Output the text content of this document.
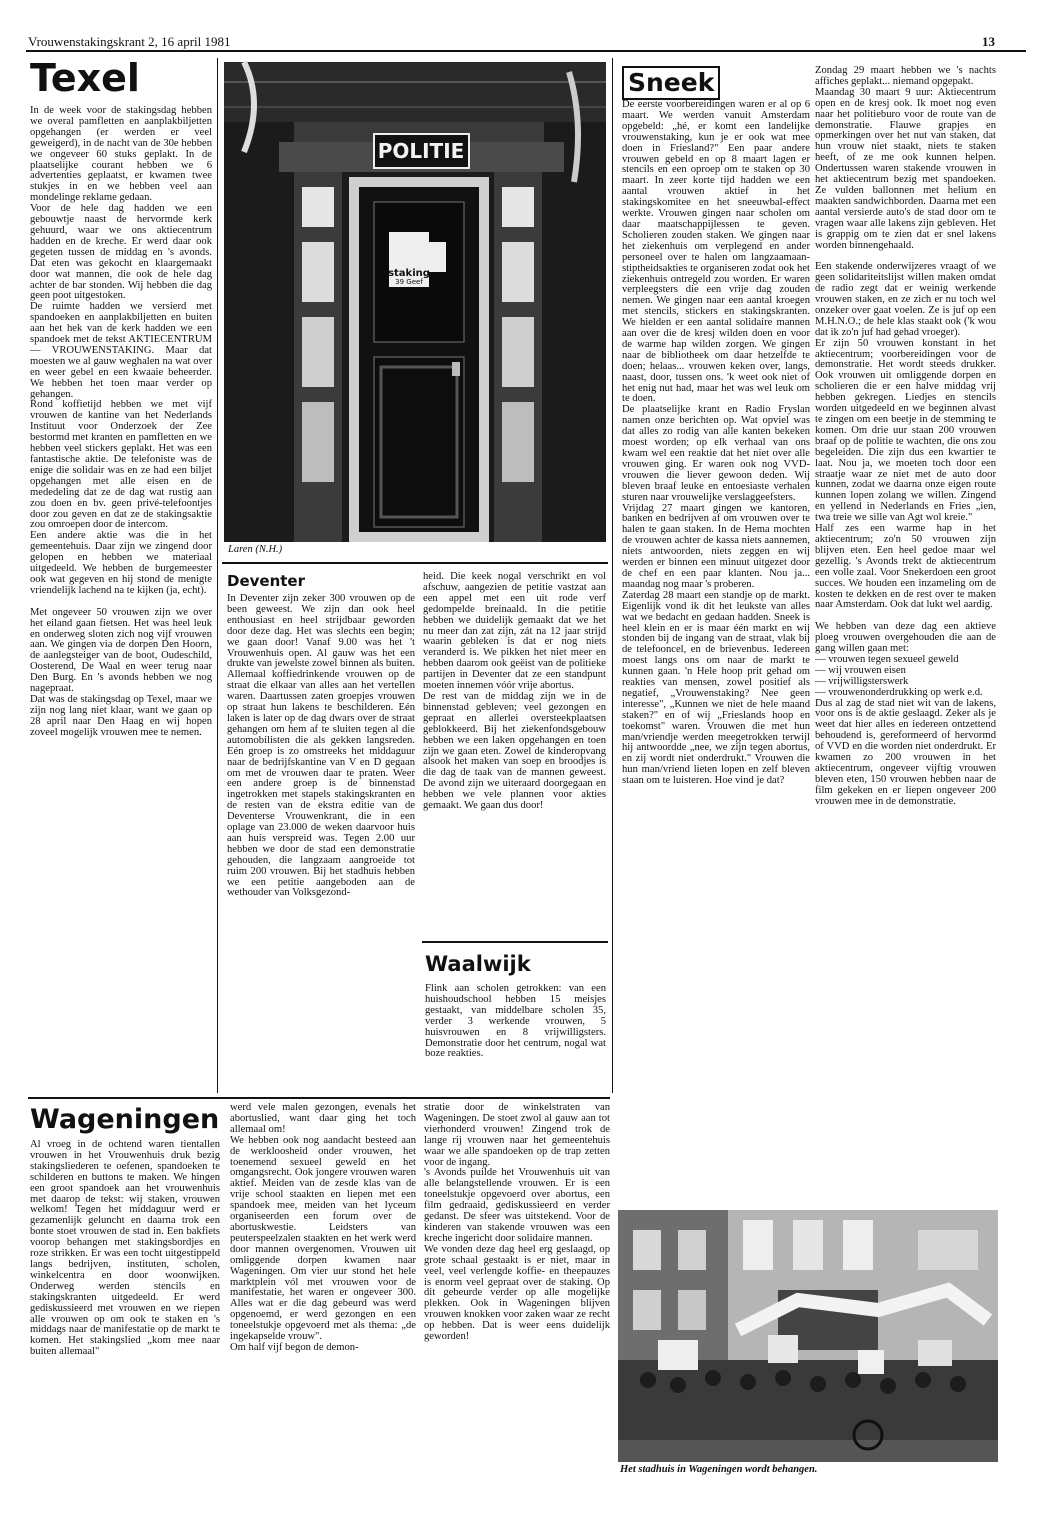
Vrouwenstakingskrant 2, 16 april 1981	13
Texel

In de week voor de stakingsdag hebben we overal pamfletten en aanplakbiljetten opgehangen (er werden er veel geweigerd), in de nacht van de 30e hebben we ongeveer 60 stuks geplakt. In de plaatselijke courant hebben we 6 advertenties geplaatst, er kwamen twee stukjes in en we hebben veel aan mondelinge reklame gedaan.
Voor de hele dag hadden we een gebouwtje naast de hervormde kerk gehuurd, waar we ons aktiecentrum hadden en de kreche. Er werd daar ook gegeten tussen de middag en 's avonds. Dat eten was gekocht en klaargemaakt door wat mannen, die ook de hele dag achter de bar stonden. Wij hebben die dag geen poot uitgestoken.
De ruimte hadden we versierd met spandoeken en aanplakbiljetten en buiten aan het hek van de kerk hadden we een spandoek met de tekst AKTIECENTRUM — VROUWENSTAKING. Maar dat moesten we al gauw weghalen na wat over en weer gebel en een kwaaie beheerder. We hebben het toen maar verder op gehangen.
Rond koffietijd hebben we met vijf vrouwen de kantine van het Nederlands Instituut voor Onderzoek der Zee bestormd met kranten en pamfletten en we hebben veel stickers geplakt. Het was een fantastische aktie. De telefoniste was de enige die solidair was en ze had een biljet opgehangen met alle eisen en de mededeling dat ze de dag wat rustig aan zou doen en bv. geen privé-telefoontjes door zou geven en dat ze de stakingsaktie zou omroepen door de intercom.
Een andere aktie was die in het gemeentehuis. Daar zijn we zingend door gelopen en hebben we materiaal uitgedeeld. We hebben de burgemeester ook wat gegeven en hij stond de menigte vriendelijk lachend na te kijken (ja, echt).

Met ongeveer 50 vrouwen zijn we over het eiland gaan fietsen. Het was heel leuk en onderweg sloten zich nog vijf vrouwen aan. We gingen via de dorpen Den Hoorn, de aanlegsteiger van de boot, Oudeschild, Oosterend, De Waal en weer terug naar Den Burg. En 's avonds hebben we nog nagepraat.
Dat was de stakingsdag op Texel, maar we zijn nog lang niet klaar, want we gaan op 28 april naar Den Haag en wij hopen zoveel mogelijk vrouwen mee te nemen.

POLITIE
39 Geef
staking
Laren (N.H.)
Deventer

In Deventer zijn zeker 300 vrouwen op de been geweest. We zijn dan ook heel enthousiast en heel strijdbaar geworden door deze dag. Het was slechts een begin; we gaan door! Vanaf 9.00 was het 't Vrouwenhuis open. Al gauw was het een drukte van jewelste zowel binnen als buiten. Allemaal koffiedrinkende vrouwen op de straat die elkaar van alles aan het vertellen waren. Daartussen zaten groepjes vrouwen op straat hun lakens te beschilderen. Eén laken is later op de dag dwars over de straat gehangen om hem af te sluiten tegen al die automobilisten die als gekken langsreden. Eén groep is zo omstreeks het middaguur naar de bedrijfskantine van V en D gegaan om met de vrouwen daar te praten. Weer een andere groep is de binnenstad ingetrokken met stapels stakingskranten en de resten van de ekstra editie van de Deventerse Vrouwenkrant, die in een oplage van 23.000 de weken daarvoor huis aan huis verspreid was. Tegen 2.00 uur hebben we door de stad een demonstratie gehouden, die langzaam aangroeide tot ruim 200 vrouwen. Bij het stadhuis hebben we een petitie aangeboden aan de wethouder van Volksgezond-

heid. Die keek nogal verschrikt en vol afschuw, aangezien de petitie vastzat aan een appel met een uit rode verf gedompelde breinaald. In die petitie hebben we duidelijk gemaakt dat we het nu meer dan zat zijn, zát na 12 jaar strijd waarin gebleken is dat er nog niets veranderd is. We pikken het niet meer en hebben daarom ook geëist van de politieke partijen in Deventer dat ze een standpunt moeten innemen vóór vrije abortus.
De rest van de middag zijn we in de binnenstad gebleven; veel gezongen en gepraat en allerlei oversteekplaatsen geblokkeerd. Bij het ziekenfondsgebouw hebben we een laken opgehangen en toen zijn we gaan eten. Zowel de kinderopvang alsook het maken van soep en broodjes is die dag de taak van de mannen geweest. De avond zijn we uiteraard doorgegaan en hebben we vele plannen voor akties gemaakt. We gaan dus door!

Waalwijk

Flink aan scholen getrokken: van een huishoudschool hebben 15 meisjes gestaakt, van middelbare scholen 35, verder 3 werkende vrouwen, 5 huisvrouwen en 8 vrijwilligsters. Demonstratie door het centrum, nogal wat boze reakties.

Sneek

De eerste voorbereidingen waren er al op 6 maart. We werden vanuit Amsterdam opgebeld: „hé, er komt een landelijke vrouwenstaking, kun je er ook wat mee doen in Friesland?" Een paar andere vrouwen gebeld en op 8 maart lagen er stencils en een oproep om te staken op 30 maart. In zeer korte tijd hadden we een aantal vrouwen aktief in het stakingskomitee en het sneeuwbal-effect werkte. Vrouwen gingen naar scholen om daar maatschappijlessen te geven. Scholieren zouden staken. We gingen naar het ziekenhuis om verplegend en ander personeel over te halen om langzaamaan-stiptheidsakties te organiseren zodat ook het ziekenhuis ontregeld zou worden. Er waren verpleegsters die een vrije dag zouden nemen. We gingen naar een aantal kroegen met stencils, stickers en stakingskranten. We hielden er een aantal solidaire mannen aan over die de kresj wilden doen en voor de warme hap wilden zorgen. We gingen naar de bibliotheek om daar hetzelfde te doen; helaas... vrouwen keken over, langs, naast, door, tussen ons. 'k weet ook niet of het enig nut had, maar het was wel leuk om te doen.
De plaatselijke krant en Radio Fryslan namen onze berichten op. Wat opviel was dat alles zo rodig van alle kanten bekeken moest worden; op elk verhaal van ons kwam wel een reaktie dat het niet over alle vrouwen ging. Er waren ook nog VVD-vrouwen die liever gewoon deden. Wij bleven braaf leuke en entoesiaste verhalen sturen naar vrouwelijke verslaggeefsters.
Vrijdag 27 maart gingen we kantoren, banken en bedrijven af om vrouwen over te halen te gaan staken. In de Hema mochten de vrouwen achter de kassa niets aannemen, niets antwoorden, niets zeggen en wij werden er binnen een minuut uitgezet door de chef en een paar klanten. Nou ja... maandag nog maar 's proberen.
Zaterdag 28 maart een standje op de markt. Eigenlijk vond ik dit het leukste van alles wat we bedacht en gedaan hadden. Sneek is heel klein en er is maar één markt en wij stonden bij de ingang van de straat, vlak bij de telefooncel, en de brievenbus. Iedereen moest langs ons om naar de markt te kunnen gaan. 'n Hele hoop prit gehad om reakties van mensen, zowel positief als negatief, „Vrouwenstaking? Nee geen interesse", „Kunnen we niet de hele maand staken?" en of wij „Frieslands hoop en toekomst" waren. Vrouwen die met hun man/vriendje werden meegetrokken terwijl hij antwoordde „nee, we zijn tegen abortus, en zij wordt niet onderdrukt." Vrouwen die hun man/vriend lieten lopen en zelf bleven staan om te luisteren. Hoe vind je dat?

Zondag 29 maart hebben we 's nachts affiches geplakt... niemand opgepakt.
Maandag 30 maart 9 uur: Aktiecentrum open en de kresj ook. Ik moet nog even naar het politieburo voor de route van de demonstratie. Flauwe grapjes en opmerkingen over het nut van staken, dat hun vrouw niet staakt, niets te staken heeft, of ze me ook kunnen helpen. Ondertussen waren stakende vrouwen in het aktiecentrum bezig met spandoeken. Ze vulden ballonnen met helium en maakten sandwichborden. Daarna met een aantal versierde auto's de stad door om te vragen waar alle lakens zijn gebleven. Het is grappig om te zien dat er snel lakens worden binnengehaald.

Een stakende onderwijzeres vraagt of we geen solidariteitslijst willen maken omdat de radio zegt dat er weinig werkende vrouwen staken, en ze zich er nu toch wel onzeker over gaat voelen. Ze is juf op een M.H.N.O.; de hele klas staakt ook ('k wou dat ik zo'n juf had gehad vroeger).
Er zijn 50 vrouwen konstant in het aktiecentrum; voorbereidingen voor de demonstratie. Het wordt steeds drukker. Ook vrouwen uit omliggende dorpen en scholieren die er een halve middag vrij hebben gekregen. Liedjes en stencils worden uitgedeeld en we beginnen alvast te zingen om een beetje in de stemming te komen. Om drie uur staan 200 vrouwen braaf op de politie te wachten, die ons zou begeleiden. Die zijn dus een kwartier te laat. Nou ja, we moeten toch door een straatje waar ze niet met de auto door kunnen, zodat we daarna onze eigen route kunnen lopen zolang we willen. Zingend en yellend in Nederlands en Fries „ien, twa treie we sille van Agt wol kreie."
Half zes een warme hap in het aktiecentrum; zo'n 50 vrouwen zijn blijven eten. Een heel gedoe maar wel gezellig. 's Avonds trekt de aktiecentrum een volle zaal. Voor Snekerdoen een groot succes. We houden een inzameling om de kosten te dekken en de rest over te maken naar Amsterdam. Ook dat lukt wel aardig.

We hebben van deze dag een aktieve ploeg vrouwen overgehouden die aan de gang willen gaan met:
— vrouwen tegen sexueel geweld
— wij vrouwen eisen
— vrijwilligsterswerk
— vrouwenonderdrukking op werk e.d.
Dus al zag de stad niet wit van de lakens, voor ons is de aktie geslaagd. Zeker als je weet dat hier alles en iedereen ontzettend behoudend is, gereformeerd of hervormd of VVD en die worden niet onderdrukt. Er kwamen zo 200 vrouwen in het aktiecentrum, ongeveer vijftig vrouwen bleven eten, 150 vrouwen hebben naar de film gekeken en er liepen ongeveer 200 vrouwen mee in de demonstratie.

Wageningen

Al vroeg in de ochtend waren tientallen vrouwen in het Vrouwenhuis druk bezig stakingsliederen te oefenen, spandoeken te schilderen en buttons te maken. We hingen een groot spandoek aan het vrouwenhuis met daarop de tekst: wij staken, vrouwen welkom! Tegen het middaguur werd er gezamenlijk geluncht en daarna trok een bonte stoet vrouwen de stad in. Een bakfiets voorop behangen met stakingsbordjes en roze strikken. Er was een tocht uitgestippeld langs bedrijven, instituten, scholen, winkelcentra en door woonwijken. Onderweg werden stencils en stakingskranten uitgedeeld. Er werd gediskussieerd met vrouwen en we riepen alle vrouwen op om ook te staken en 's middags naar de manifestatie op de markt te komen. Het stakingslied „kom mee naar buiten allemaal"

werd vele malen gezongen, evenals het abortuslied, want daar ging het toch allemaal om!
We hebben ook nog aandacht besteed aan de werkloosheid onder vrouwen, het toenemend sexueel geweld en het omgangsrecht. Ook jongere vrouwen waren aktief. Meiden van de zesde klas van de vrije school staakten en liepen met een spandoek mee, meiden van het lyceum organiseerden een forum over de abortuskwestie. Leidsters van peuterspeelzalen staakten en het werk werd door mannen overgenomen. Vrouwen uit omliggende dorpen kwamen naar Wageningen. Om vier uur stond het hele marktplein vól met vrouwen voor de manifestatie, het waren er ongeveer 300. Alles wat er die dag gebeurd was werd opgenoemd, er werd gezongen en een toneelstukje opgevoerd met als thema: „de ingekapselde vrouw".
Om half vijf begon de demon-

stratie door de winkelstraten van Wageningen. De stoet zwol al gauw aan tot vierhonderd vrouwen! Zingend trok de lange rij vrouwen naar het gemeentehuis waar we alle spandoeken op de trap zetten voor de ingang.
's Avonds puilde het Vrouwenhuis uit van alle belangstellende vrouwen. Er is een toneelstukje opgevoerd over abortus, een film gedraaid, gediskussieerd en verder gedanst. De sfeer was uitstekend. Voor de kinderen van stakende vrouwen was een kreche ingericht door solidaire mannen.
We vonden deze dag heel erg geslaagd, op grote schaal gestaakt is er niet, maar in veel, veel verlengde koffie- en theepauzes is enorm veel gepraat over de staking. Op dit gebeurde verder op alle mogelijke plekken. Ook in Wageningen blijven vrouwen knokken voor zaken waar ze recht op hebben. Dat is weer eens duidelijk geworden!

Het stadhuis in Wageningen wordt behangen.
